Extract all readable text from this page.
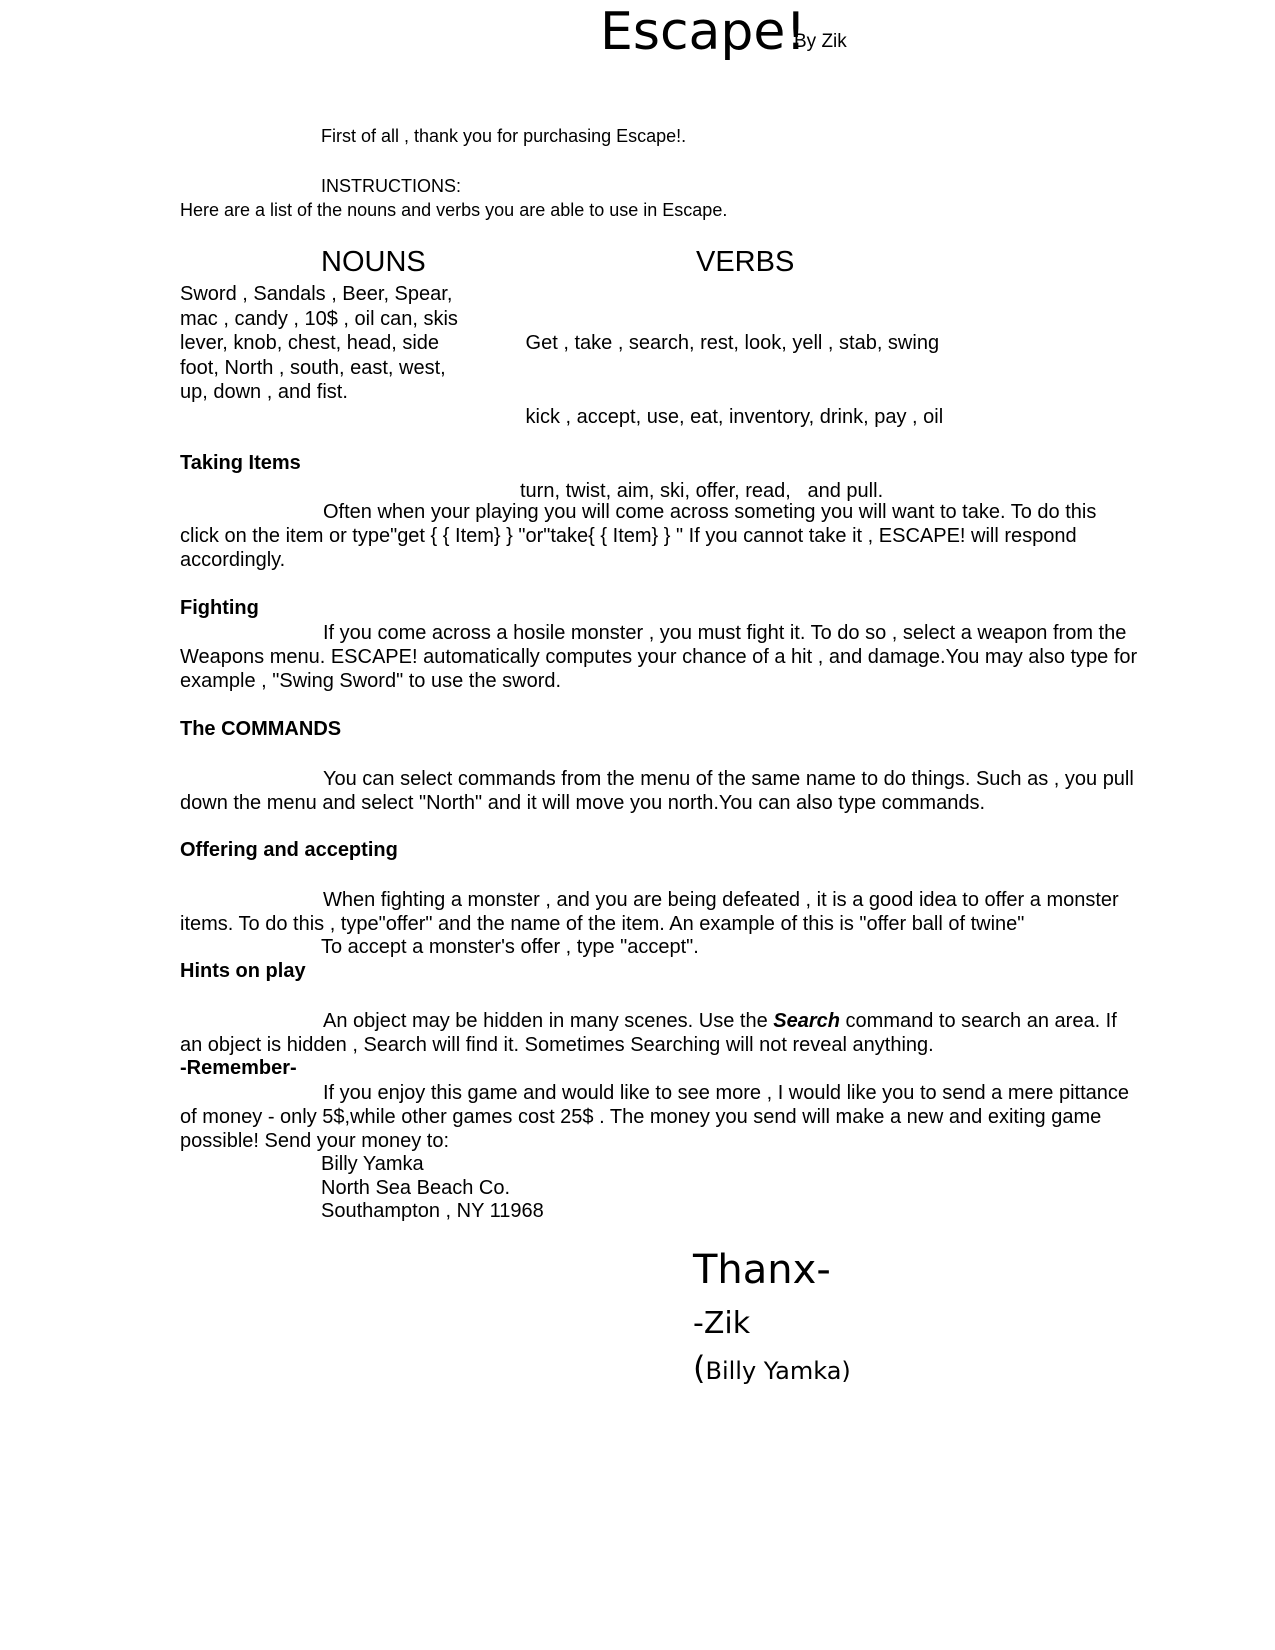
Escape!
By Zik
First of all , thank you for purchasing Escape!.
INSTRUCTIONS:
Here are a list of the nouns and verbs you are able to use in Escape.
NOUNS
Sword , Sandals , Beer, Spear,
mac , candy , 10$ , oil can, skis
lever, knob, chest, head, side
foot, North , south, east, west,
up, down , and fist.
VERBS

Get , take , search, rest, look, yell , stab, swing

kick , accept, use, eat, inventory, drink, pay , oil

turn, twist, aim, ski, offer, read,   and pull.

Taking Items
Often when your playing you will come across someting you will want to take. To do this click on the item or type"get { { Item} } "or"take{ { Item} } " If you cannot take it , ESCAPE! will respond accordingly.
Fighting
If you come across a hosile monster , you must fight it. To do so , select a weapon from the Weapons menu. ESCAPE! automatically computes your chance of a hit , and damage.You may also type for example , "Swing Sword" to use the sword.
The COMMANDS
You can select commands from the menu of the same name to do things. Such as , you pull down the menu and select "North" and it will move you north.You can also type commands.
Offering and accepting
When fighting a monster , and you are being defeated , it is a good idea to offer a monster items. To do this , type"offer" and the name of the item. An example of this is "offer ball of twine"
To accept a monster's offer , type "accept".
Hints on play
An object may be hidden in many scenes. Use the Search command to search an area. If an object is hidden , Search will find it. Sometimes Searching will not reveal anything.
-Remember-
If you enjoy this game and would like to see more , I would like you to send a mere pittance of money - only 5$,while other games cost 25$ . The money you send will make a new and exiting game possible! Send your money to:
Billy Yamka
North Sea Beach Co.
Southampton , NY 11968
Thanx-
-Zik
(Billy Yamka)
